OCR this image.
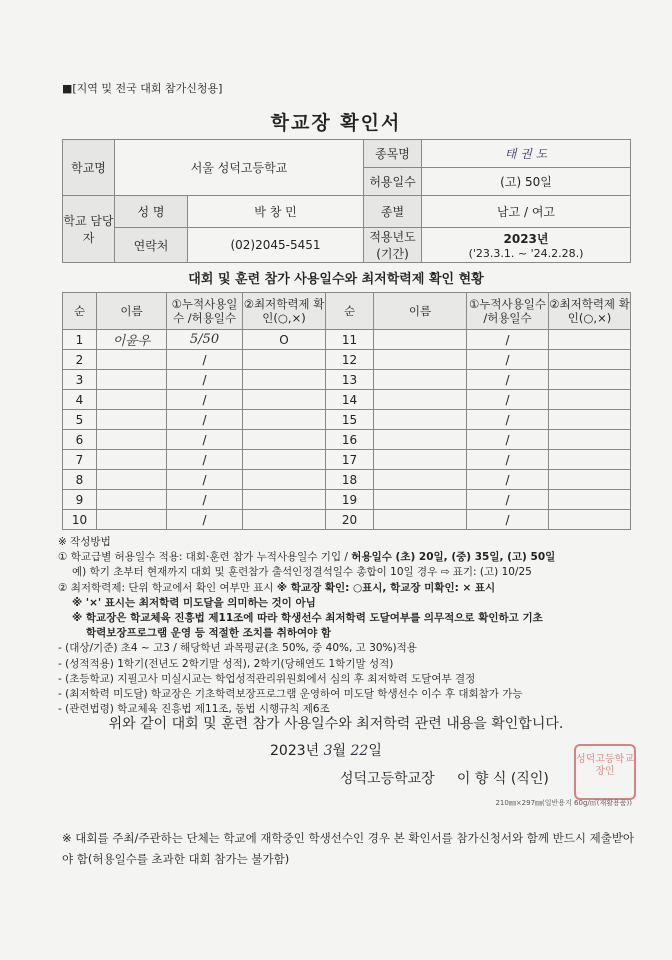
■[지역 및 전국 대회 참가신청용]
학교장 확인서
학교명	서울 성덕고등학교		종목명	태 권 도
			허용일수	(고) 50일
학교 담당자	성 명	박 창 민	종별	남고 / 여고
	연락처	(02)2045-5451	적용년도 (기간)	2023년
('23.3.1. ~ '24.2.28.)
대회 및 훈련 참가 사용일수와 최저학력제 확인 현황
순	이름	①누적사용일수 /허용일수	②최저학력제 확인(○,×)	순	이름	①누적사용일수 /허용일수	②최저학력제 확인(○,×)
1	이윤우	5/50	O	11		/	
2		/		12		/	
3		/		13		/	
4		/		14		/	
5		/		15		/	
6		/		16		/	
7		/		17		/	
8		/		18		/	
9		/		19		/	
10		/		20		/	
※ 작성방법
① 학교급별 허용일수 적용: 대회·훈련 참가 누적사용일수 기입 / 허용일수 (초) 20일, (중) 35일, (고) 50일
예) 학기 초부터 현재까지 대회 및 훈련참가 출석인정결석일수 총합이 10일 경우 ⇨ 표기: (고) 10/25
② 최저학력제: 단위 학교에서 확인 여부만 표시 ※ 학교장 확인: ○표시, 학교장 미확인: × 표시
※ '×' 표시는 최저학력 미도달을 의미하는 것이 아님
※ 학교장은 학교체육 진흥법 제11조에 따라 학생선수 최저학력 도달여부를 의무적으로 확인하고 기초
학력보장프로그램 운영 등 적절한 조치를 취하여야 함
- (대상/기준) 초4 ~ 고3 / 해당학년 과목평균(초 50%, 중 40%, 고 30%)적용
- (성적적용) 1학기(전년도 2학기말 성적), 2학기(당해연도 1학기말 성적)
- (초등학교) 지필고사 미실시교는 학업성적관리위원회에서 심의 후 최저학력 도달여부 결정
- (최저학력 미도달) 학교장은 기초학력보장프로그램 운영하여 미도달 학생선수 이수 후 대회참가 가능
- (관련법령) 학교체육 진흥법 제11조, 동법 시행규칙 제6조
위와 같이 대회 및 훈련 참가 사용일수와 최저학력 관련 내용을 확인합니다.
2023년 3월 22일
성덕고등학교장     이 향 식 (직인)
성덕고등학교장인
210㎜×297㎜(일반용지 60g/㎡(재활용품))
※ 대회를 주최/주관하는 단체는 학교에 재학중인 학생선수인 경우 본 확인서를 참가신청서와 함께 반드시 제출받아야 함(허용일수를 초과한 대회 참가는 불가함)
